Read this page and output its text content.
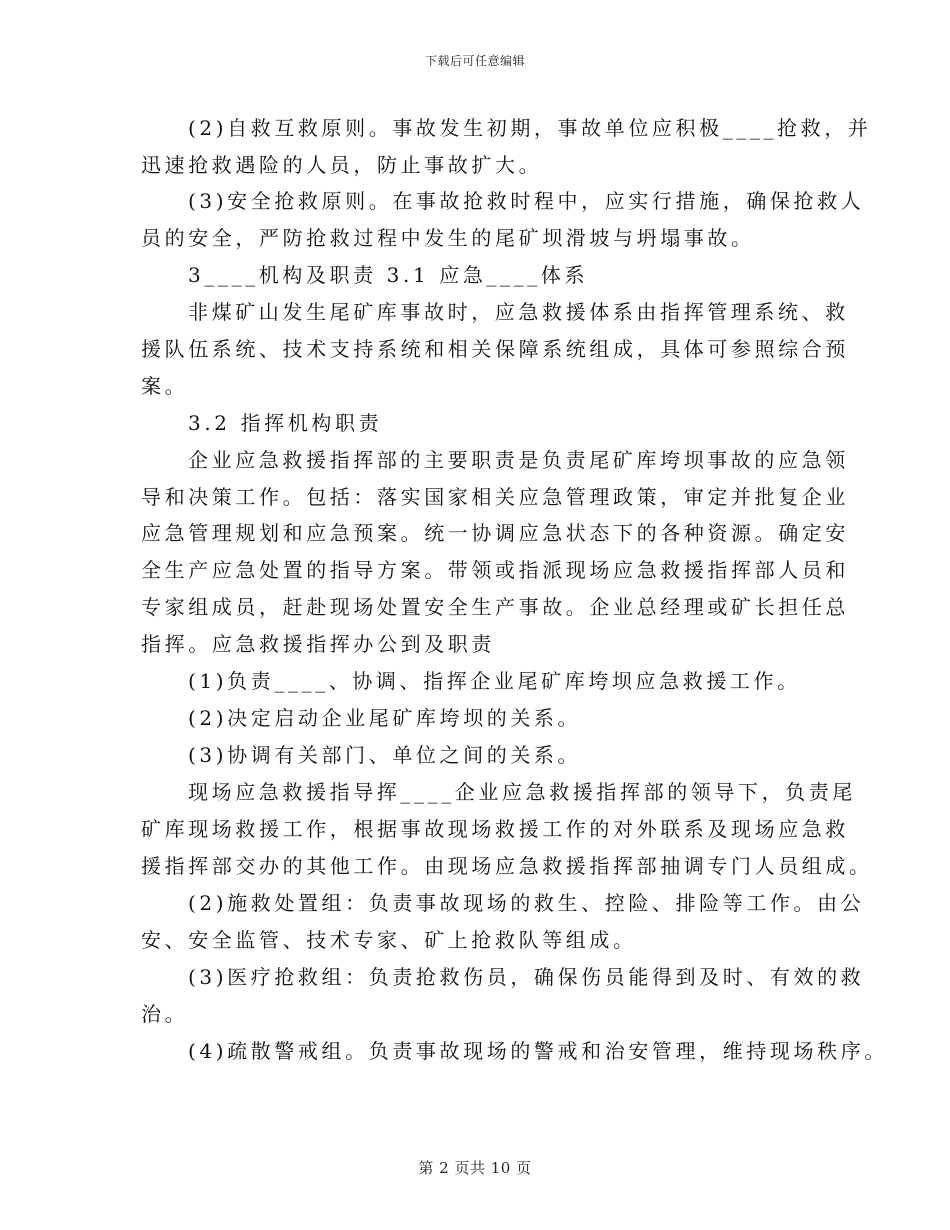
下载后可任意编辑
(2)自救互救原则。事故发生初期，事故单位应积极____抢救，并
迅速抢救遇险的人员，防止事故扩大。
(3)安全抢救原则。在事故抢救时程中，应实行措施，确保抢救人
员的安全，严防抢救过程中发生的尾矿坝滑坡与坍塌事故。
3____机构及职责 3.1 应急____体系
非煤矿山发生尾矿库事故时，应急救援体系由指挥管理系统、救
援队伍系统、技术支持系统和相关保障系统组成，具体可参照综合预
案。
3.2 指挥机构职责
企业应急救援指挥部的主要职责是负责尾矿库垮坝事故的应急领
导和决策工作。包括：落实国家相关应急管理政策，审定并批复企业
应急管理规划和应急预案。统一协调应急状态下的各种资源。确定安
全生产应急处置的指导方案。带领或指派现场应急救援指挥部人员和
专家组成员，赶赴现场处置安全生产事故。企业总经理或矿长担任总
指挥。应急救援指挥办公到及职责
(1)负责____、协调、指挥企业尾矿库垮坝应急救援工作。
(2)决定启动企业尾矿库垮坝的关系。
(3)协调有关部门、单位之间的关系。
现场应急救援指导挥____企业应急救援指挥部的领导下，负责尾
矿库现场救援工作，根据事故现场救援工作的对外联系及现场应急救
援指挥部交办的其他工作。由现场应急救援指挥部抽调专门人员组成。
(2)施救处置组：负责事故现场的救生、控险、排险等工作。由公
安、安全监管、技术专家、矿上抢救队等组成。
(3)医疗抢救组：负责抢救伤员，确保伤员能得到及时、有效的救
治。
(4)疏散警戒组。负责事故现场的警戒和治安管理，维持现场秩序。
第 2 页共 10 页
